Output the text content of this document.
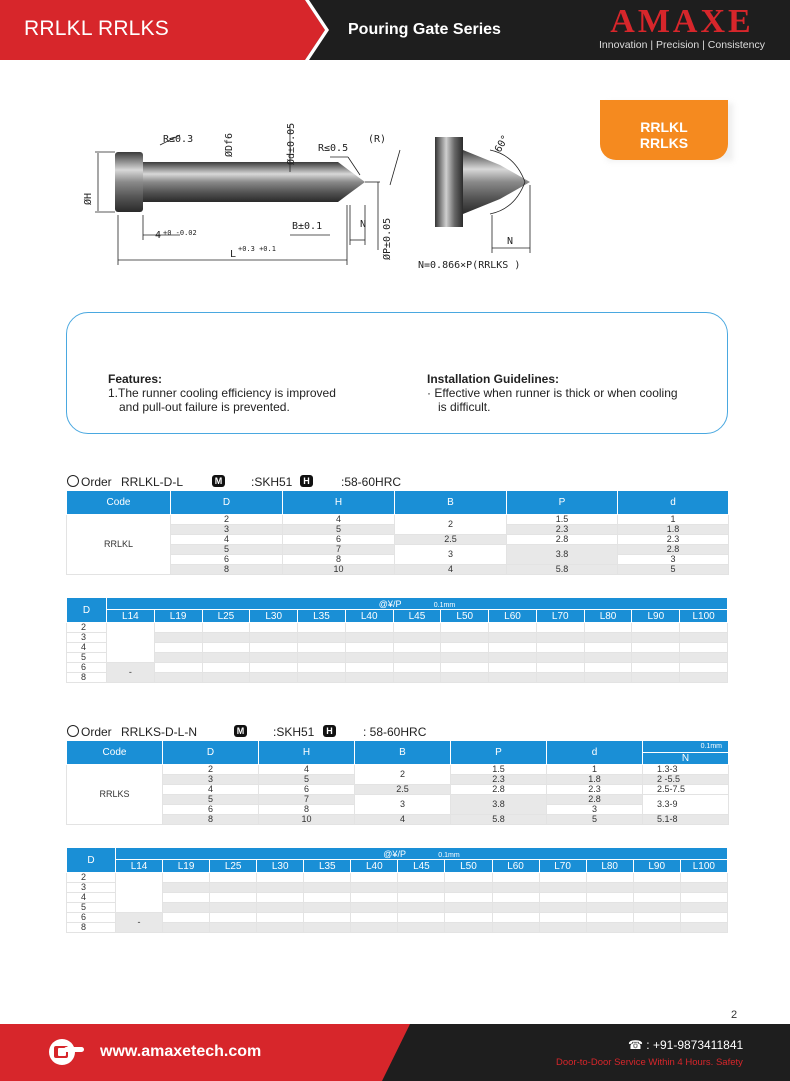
RRLKL RRLKS	Pouring Gate Series	AMAXE
Innovation | Precision | Consistency
R≤0.3	ØDf6	Ød±0.05 R≤0.5
(R)
ØH
4 +0 -0.02
B±0.1	N
L +0.3 +0.1	ØP±0.05
60°
N
N=0.866×P(RRLKS )
RRLKL
RRLKS
Features:
1.The runner cooling efficiency is improved
and pull-out failure is prevented.
Installation Guidelines:
· Effective when runner is thick or when cooling
is difficult.
Order RRLKL-D-L	M :SKH51	H	:58-60HRC
Code	D	H	B	P	d
RRLKL	2	4	2	1.5	1
	3	5		2.3	1.8
	4	6	2.5	2.8	2.3
	5	7	3	3.8	2.8
	6	8			3
	8	10	4	5.8	5
D	@¥/P 0.1mm												
	L14	L19	L25	L30	L35	L40	L45	L50	L60	L70	L80	L90	L100
2													
3													
4													
5													
6	-												
8													
Order RRLKS-D-L-N	M :SKH51	H	: 58-60HRC
Code	D	H	B	P	d	0.1mm
						N
RRLKS	2	4	2	1.5	1	1.3-3
	3	5		2.3	1.8	2 -5.5
	4	6	2.5	2.8	2.3	2.5-7.5
	5	7	3	3.8	2.8	3.3-9
	6	8			3	
	8	10	4	5.8	5	5.1-8
D	@¥/P 0.1mm												
	L14	L19	L25	L30	L35	L40	L45	L50	L60	L70	L80	L90	L100
2													
3													
4													
5													
6	-												
8													
2
www.amaxetech.com	☎ : +91-9873411841
Door-to-Door Service Within 4 Hours. Safety
